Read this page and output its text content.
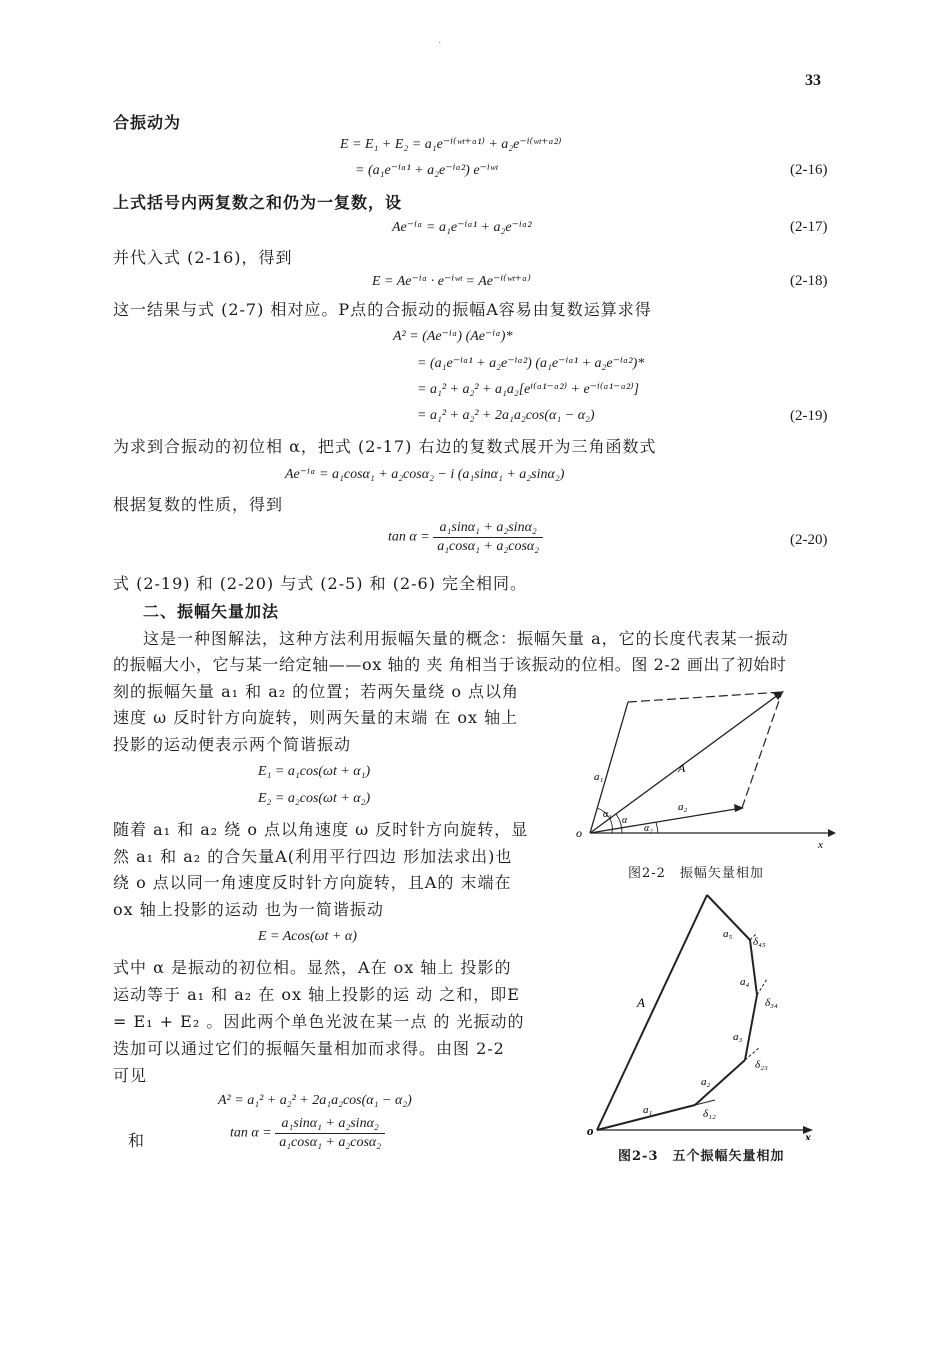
·
33
合振动为
E = E₁ + E₂ = a₁e⁻ⁱ⁽ʷᵗ⁺ᵅ¹⁾ + a₂e⁻ⁱ⁽ʷᵗ⁺ᵅ²⁾
= (a₁e⁻ⁱᵅ¹ + a₂e⁻ⁱᵅ²) e⁻ⁱʷᵗ	(2-16)
上式括号内两复数之和仍为一复数，设
Ae⁻ⁱᵅ = a₁e⁻ⁱᵅ¹ + a₂e⁻ⁱᵅ²	(2-17)
并代入式 (2-16)，得到
E = Ae⁻ⁱᵅ · e⁻ⁱʷᵗ = Ae⁻ⁱ⁽ʷᵗ⁺ᵅ⁾	(2-18)
这一结果与式 (2-7) 相对应。P点的合振动的振幅A容易由复数运算求得
A² = (Ae⁻ⁱᵅ) (Ae⁻ⁱᵅ)*
= (a₁e⁻ⁱᵅ¹ + a₂e⁻ⁱᵅ²) (a₁e⁻ⁱᵅ¹ + a₂e⁻ⁱᵅ²)*
= a₁² + a₂² + a₁a₂[eⁱ⁽ᵅ¹⁻ᵅ²⁾ + e⁻ⁱ⁽ᵅ¹⁻ᵅ²⁾]
= a₁² + a₂² + 2a₁a₂cos(α₁ − α₂)	(2-19)
为求到合振动的初位相 α，把式 (2-17) 右边的复数式展开为三角函数式
Ae⁻ⁱᵅ = a₁cosα₁ + a₂cosα₂ − i (a₁sinα₁ + a₂sinα₂)
根据复数的性质，得到
$\tan \alpha = \frac{\text{a₁sinα₁ + a₂sinα₂}}{\text{a₁cosα₁ + a₂cosα₂}}$	(2-20)
式 (2-19) 和 (2-20) 与式 (2-5) 和 (2-6) 完全相同。
二、振幅矢量加法
这是一种图解法，这种方法利用振幅矢量的概念：振幅矢量 a，它的长度代表某一振动
的振幅大小，它与某一给定轴——ox 轴的 夹 角相当于该振动的位相。图 2-2 画出了初始时
刻的振幅矢量 a₁ 和 a₂ 的位置；若两矢量绕 o 点以角
速度 ω 反时针方向旋转，则两矢量的末端 在 ox 轴上
投影的运动便表示两个简谐振动
E₁ = a₁cos(ωt + α₁)
E₂ = a₂cos(ωt + α₂)
随着 a₁ 和 a₂ 绕 o 点以角速度 ω 反时针方向旋转，显
然 a₁ 和 a₂ 的合矢量A(利用平行四边 形加法求出)也
绕 o 点以同一角速度反时针方向旋转，且A的 末端在
ox 轴上投影的运动 也为一简谐振动
E = Acos(ωt + α)
式中 α 是振动的初位相。显然，A在 ox 轴上 投影的
运动等于 a₁ 和 a₂ 在 ox 轴上投影的运 动 之和，即E
= E₁ + E₂ 。因此两个单色光波在某一点 的 光振动的
迭加可以通过它们的振幅矢量相加而求得。由图 2-2
可见
A² = a₁² + a₂² + 2a₁a₂cos(α₁ − α₂)
和	$\tan \alpha = \frac{\text{a₁sinα₁ + a₂sinα₂}}{\text{a₁cosα₁ + a₂cosα₂}}$
o
x
a₁
a₂
A
α₁
α
α₂
图2-2　振幅矢量相加
o	x
A
a₁
a₂
a₃
a₄
a₅
δ₁₂
δ₂₃
δ₃₄
δ₄₅
图2-3　五个振幅矢量相加
